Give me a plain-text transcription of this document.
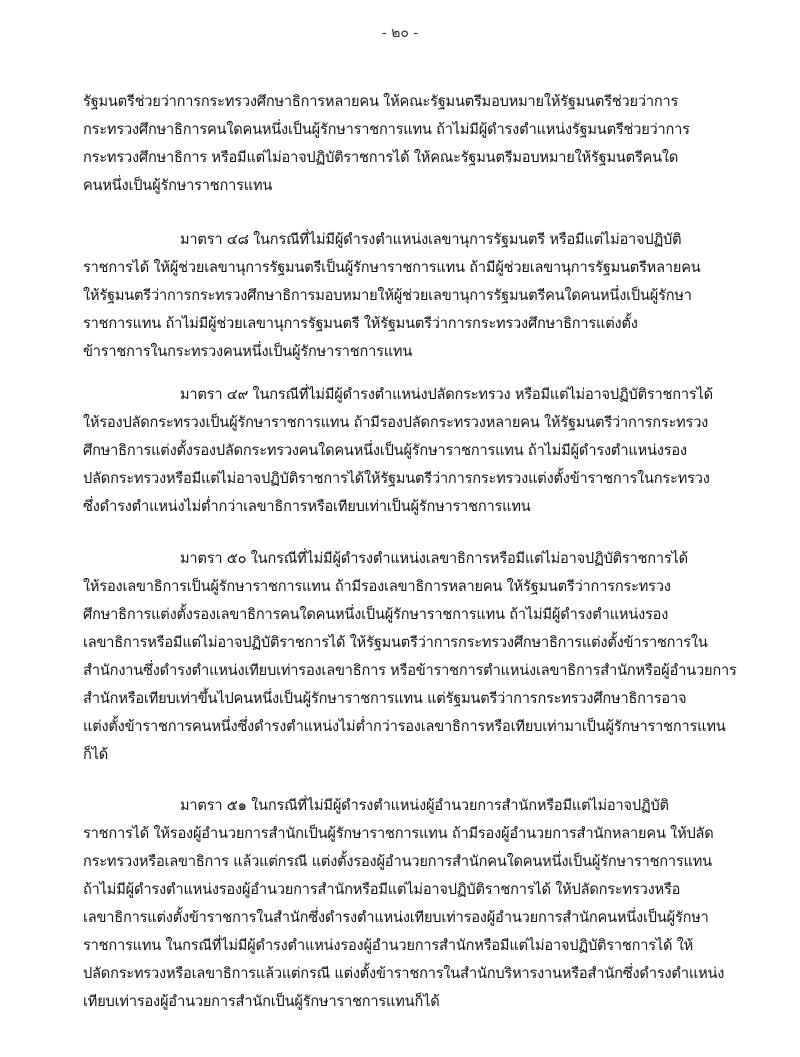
- ๒๐ -
รัฐมนตรีช่วยว่าการกระทรวงศึกษาธิการหลายคน ให้คณะรัฐมนตรีมอบหมายให้รัฐมนตรีช่วยว่าการ
กระทรวงศึกษาธิการคนใดคนหนึ่งเป็นผู้รักษาราชการแทน ถ้าไม่มีผู้ดำรงตำแหน่งรัฐมนตรีช่วยว่าการ
กระทรวงศึกษาธิการ หรือมีแต่ไม่อาจปฏิบัติราชการได้ ให้คณะรัฐมนตรีมอบหมายให้รัฐมนตรีคนใด
คนหนึ่งเป็นผู้รักษาราชการแทน
มาตรา ๔๘ ในกรณีที่ไม่มีผู้ดำรงตำแหน่งเลขานุการรัฐมนตรี หรือมีแต่ไม่อาจปฏิบัติ
ราชการได้ ให้ผู้ช่วยเลขานุการรัฐมนตรีเป็นผู้รักษาราชการแทน ถ้ามีผู้ช่วยเลขานุการรัฐมนตรีหลายคน
ให้รัฐมนตรีว่าการกระทรวงศึกษาธิการมอบหมายให้ผู้ช่วยเลขานุการรัฐมนตรีคนใดคนหนึ่งเป็นผู้รักษา
ราชการแทน ถ้าไม่มีผู้ช่วยเลขานุการรัฐมนตรี ให้รัฐมนตรีว่าการกระทรวงศึกษาธิการแต่งตั้ง
ข้าราชการในกระทรวงคนหนึ่งเป็นผู้รักษาราชการแทน
มาตรา ๔๙ ในกรณีที่ไม่มีผู้ดำรงตำแหน่งปลัดกระทรวง หรือมีแต่ไม่อาจปฏิบัติราชการได้
ให้รองปลัดกระทรวงเป็นผู้รักษาราชการแทน ถ้ามีรองปลัดกระทรวงหลายคน ให้รัฐมนตรีว่าการกระทรวง
ศึกษาธิการแต่งตั้งรองปลัดกระทรวงคนใดคนหนึ่งเป็นผู้รักษาราชการแทน ถ้าไม่มีผู้ดำรงตำแหน่งรอง
ปลัดกระทรวงหรือมีแต่ไม่อาจปฏิบัติราชการได้ให้รัฐมนตรีว่าการกระทรวงแต่งตั้งข้าราชการในกระทรวง
ซึ่งดำรงตำแหน่งไม่ต่ำกว่าเลขาธิการหรือเทียบเท่าเป็นผู้รักษาราชการแทน
มาตรา ๕๐ ในกรณีที่ไม่มีผู้ดำรงตำแหน่งเลขาธิการหรือมีแต่ไม่อาจปฏิบัติราชการได้
ให้รองเลขาธิการเป็นผู้รักษาราชการแทน ถ้ามีรองเลขาธิการหลายคน ให้รัฐมนตรีว่าการกระทรวง
ศึกษาธิการแต่งตั้งรองเลขาธิการคนใดคนหนึ่งเป็นผู้รักษาราชการแทน ถ้าไม่มีผู้ดำรงตำแหน่งรอง
เลขาธิการหรือมีแต่ไม่อาจปฏิบัติราชการได้ ให้รัฐมนตรีว่าการกระทรวงศึกษาธิการแต่งตั้งข้าราชการใน
สำนักงานซึ่งดำรงตำแหน่งเทียบเท่ารองเลขาธิการ หรือข้าราชการตำแหน่งเลขาธิการสำนักหรือผู้อำนวยการ
สำนักหรือเทียบเท่าขึ้นไปคนหนึ่งเป็นผู้รักษาราชการแทน แต่รัฐมนตรีว่าการกระทรวงศึกษาธิการอาจ
แต่งตั้งข้าราชการคนหนึ่งซึ่งดำรงตำแหน่งไม่ต่ำกว่ารองเลขาธิการหรือเทียบเท่ามาเป็นผู้รักษาราชการแทน
ก็ได้
มาตรา ๕๑ ในกรณีที่ไม่มีผู้ดำรงตำแหน่งผู้อำนวยการสำนักหรือมีแต่ไม่อาจปฏิบัติ
ราชการได้ ให้รองผู้อำนวยการสำนักเป็นผู้รักษาราชการแทน ถ้ามีรองผู้อำนวยการสำนักหลายคน ให้ปลัด
กระทรวงหรือเลขาธิการ แล้วแต่กรณี แต่งตั้งรองผู้อำนวยการสำนักคนใดคนหนึ่งเป็นผู้รักษาราชการแทน
ถ้าไม่มีผู้ดำรงตำแหน่งรองผู้อำนวยการสำนักหรือมีแต่ไม่อาจปฏิบัติราชการได้ ให้ปลัดกระทรวงหรือ
เลขาธิการแต่งตั้งข้าราชการในสำนักซึ่งดำรงตำแหน่งเทียบเท่ารองผู้อำนวยการสำนักคนหนึ่งเป็นผู้รักษา
ราชการแทน ในกรณีที่ไม่มีผู้ดำรงตำแหน่งรองผู้อำนวยการสำนักหรือมีแต่ไม่อาจปฏิบัติราชการได้ ให้
ปลัดกระทรวงหรือเลขาธิการแล้วแต่กรณี แต่งตั้งข้าราชการในสำนักบริหารงานหรือสำนักซึ่งดำรงตำแหน่ง
เทียบเท่ารองผู้อำนวยการสำนักเป็นผู้รักษาราชการแทนก็ได้
